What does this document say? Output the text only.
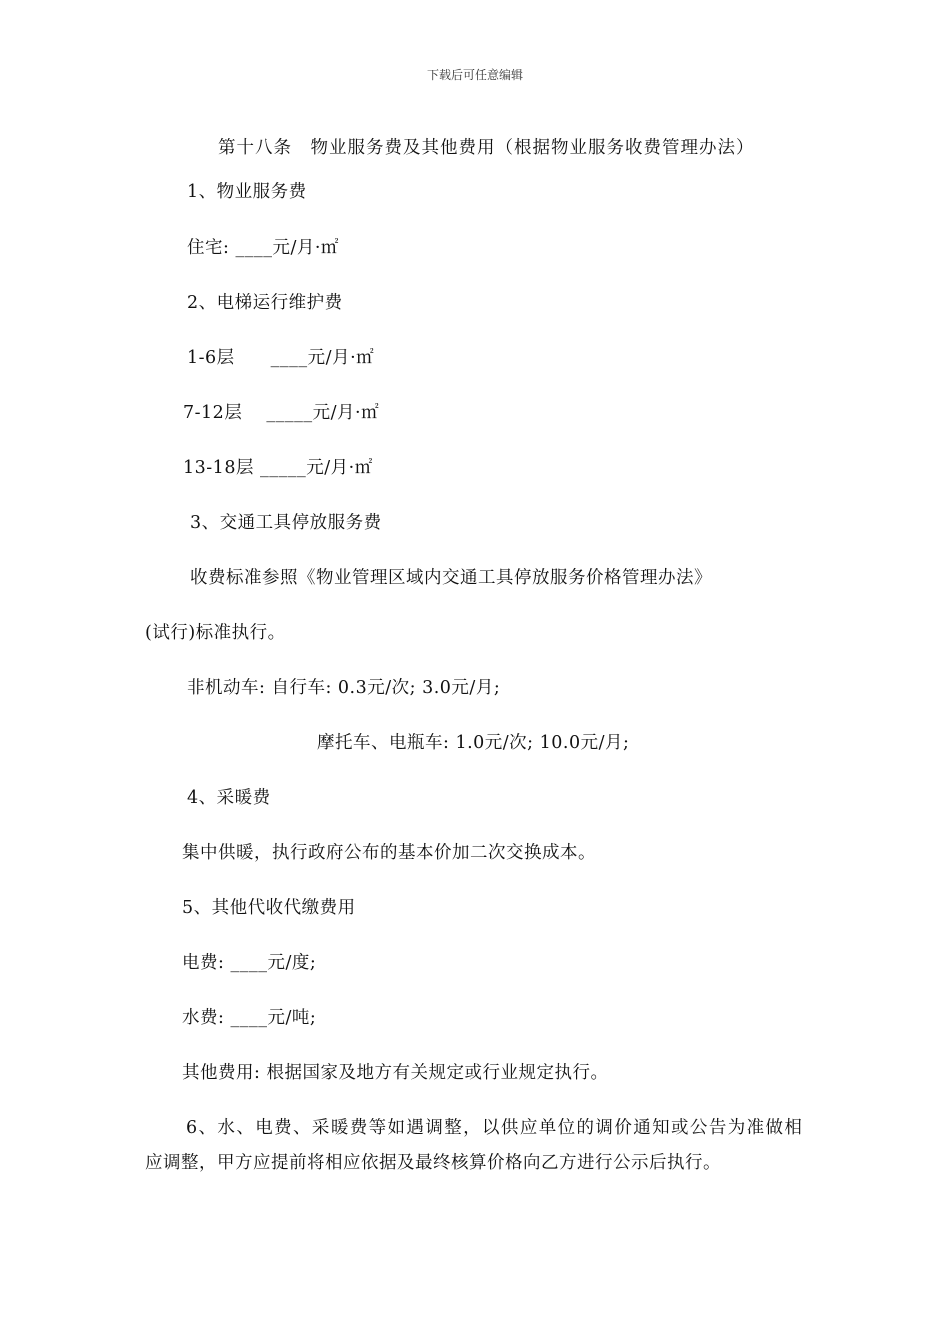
下载后可任意编辑
第十八条　物业服务费及其他费用（根据物业服务收费管理办法）
1、物业服务费
住宅: ____元/月·㎡
2、电梯运行维护费
1-6层　　____元/月·㎡
7-12层　 _____元/月·㎡
13-18层 _____元/月·㎡
3、交通工具停放服务费
收费标准参照《物业管理区域内交通工具停放服务价格管理办法》
(试行)标准执行。
非机动车: 自行车: 0.3元/次; 3.0元/月;
摩托车、电瓶车: 1.0元/次; 10.0元/月;
4、采暖费
集中供暖，执行政府公布的基本价加二次交换成本。
5、其他代收代缴费用
电费: ____元/度;
水费: ____元/吨;
其他费用: 根据国家及地方有关规定或行业规定执行。
6、水、电费、采暖费等如遇调整，以供应单位的调价通知或公告为准做相
应调整，甲方应提前将相应依据及最终核算价格向乙方进行公示后执行。
